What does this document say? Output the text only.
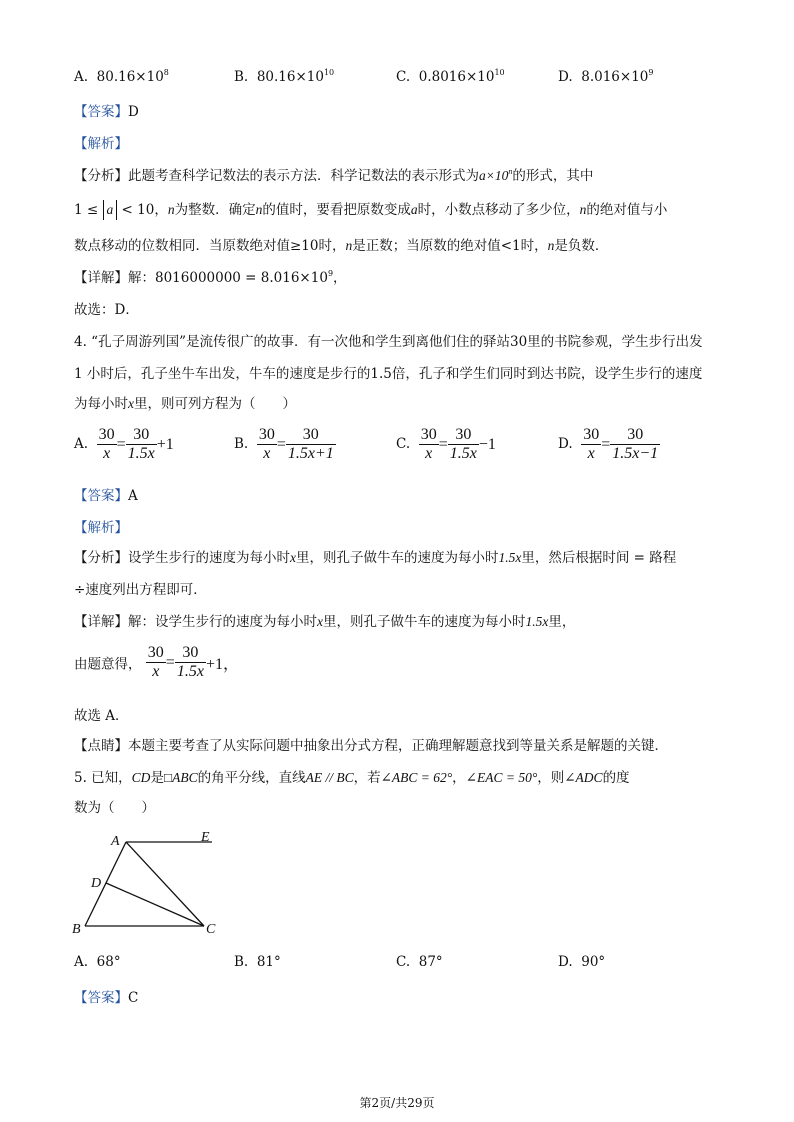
A. $80.16\times 10^8$	B. $80.16\times 10^{10}$	C. $0.8016\times 10^{10}$	D. $8.016\times 10^9$
【答案】D
【解析】
【分析】此题考查科学记数法的表示方法．科学记数法的表示形式为$a\times 10^n$的形式，其中
1 ≤ a < 10，n为整数．确定n的值时，要看把原数变成a时，小数点移动了多少位，n的绝对值与小
数点移动的位数相同．当原数绝对值≥10时，n是正数；当原数的绝对值<1时，n是负数．
【详解】解：$8016000000 = 8.016\times 10^9$，
故选：D．
4. “孔子周游列国”是流传很广的故事．有一次他和学生到离他们住的驿站30里的书院参观，学生步行出发
1 小时后，孔子坐牛车出发，牛车的速度是步行的1.5倍，孔子和学生们同时到达书院，设学生步行的速度
为每小时x里，则可列方程为（　　）
A. $\frac{30}{x} = \frac{30}{1.5x} +1$	B. $\frac{30}{x} = \frac{30}{1.5x+1}$	C. $\frac{30}{x} = \frac{30}{1.5x} -1$	D. $\frac{30}{x} = \frac{30}{1.5x-1}$
【答案】A
【解析】
【分析】设学生步行的速度为每小时x里，则孔子做牛车的速度为每小时1.5x里，然后根据时间 = 路程
÷速度列出方程即可．
【详解】解：设学生步行的速度为每小时x里，则孔子做牛车的速度为每小时1.5x里，
由题意得， $\frac{30}{x} = \frac{30}{1.5x} +1$，
故选 A．
【点睛】本题主要考查了从实际问题中抽象出分式方程，正确理解题意找到等量关系是解题的关键．
5. 已知，CD是□ABC的角平分线，直线AE // BC，若∠ABC = 62°，∠EAC = 50°，则∠ADC的度
数为（　　）
A	E
D
B	C
A. 68°	B. 81°	C. 87°	D. 90°
【答案】C
第2页/共29页
